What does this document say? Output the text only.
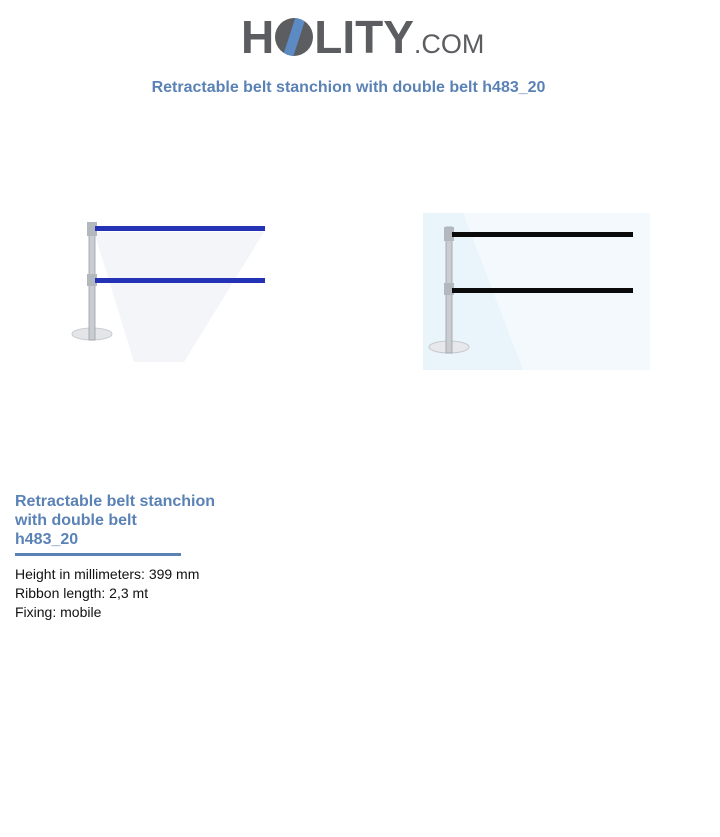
H LITY.COM
Retractable belt stanchion with double belt h483_20
Retractable belt stanchion
with double belt
h483_20
Height in millimeters: 399 mm
Ribbon length: 2,3 mt
Fixing: mobile
